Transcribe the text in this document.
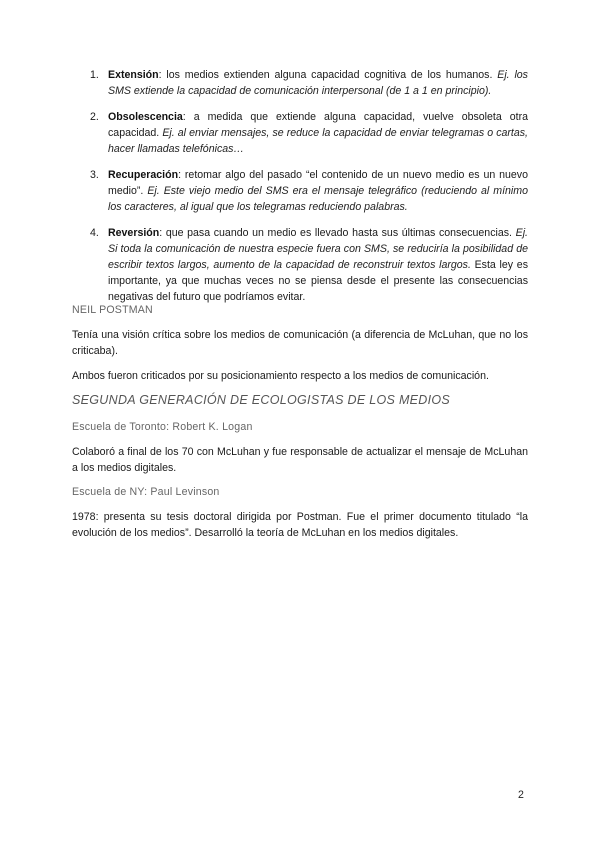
1. Extensión: los medios extienden alguna capacidad cognitiva de los humanos. Ej. los SMS extiende la capacidad de comunicación interpersonal (de 1 a 1 en principio).
2. Obsolescencia: a medida que extiende alguna capacidad, vuelve obsoleta otra capacidad. Ej. al enviar mensajes, se reduce la capacidad de enviar telegramas o cartas, hacer llamadas telefónicas…
3. Recuperación: retomar algo del pasado “el contenido de un nuevo medio es un nuevo medio”. Ej. Este viejo medio del SMS era el mensaje telegráfico (reduciendo al mínimo los caracteres, al igual que los telegramas reduciendo palabras.
4. Reversión: que pasa cuando un medio es llevado hasta sus últimas consecuencias. Ej. Si toda la comunicación de nuestra especie fuera con SMS, se reduciría la posibilidad de escribir textos largos, aumento de la capacidad de reconstruir textos largos. Esta ley es importante, ya que muchas veces no se piensa desde el presente las consecuencias negativas del futuro que podríamos evitar.
NEIL POSTMAN

Tenía una visión crítica sobre los medios de comunicación (a diferencia de McLuhan, que no los criticaba).

Ambos fueron criticados por su posicionamiento respecto a los medios de comunicación.

SEGUNDA GENERACIÓN DE ECOLOGISTAS DE LOS MEDIOS
Escuela de Toronto: Robert K. Logan

Colaboró a final de los 70 con McLuhan y fue responsable de actualizar el mensaje de McLuhan a los medios digitales.

Escuela de NY: Paul Levinson

1978: presenta su tesis doctoral dirigida por Postman. Fue el primer documento titulado “la evolución de los medios”. Desarrolló la teoría de McLuhan en los medios digitales.

2
